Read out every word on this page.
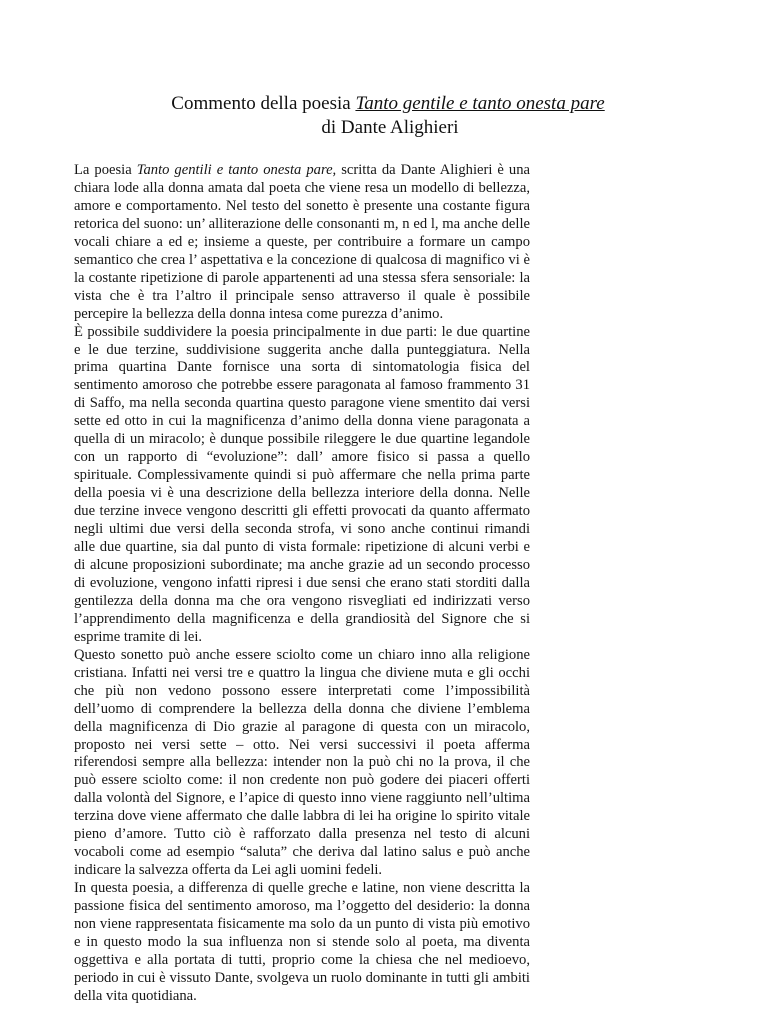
Commento della poesia Tanto gentile e tanto onesta pare
di Dante Alighieri

La poesia Tanto gentili e tanto onesta pare, scritta da Dante Alighieri è una chiara lode alla donna amata dal poeta che viene resa un modello di bellezza, amore e comportamento. Nel testo del sonetto è presente una costante figura retorica del suono: un’ alliterazione delle consonanti m, n ed l, ma anche delle vocali chiare a ed e; insieme a queste, per contribuire a formare un campo semantico che crea l’ aspettativa e la concezione di qualcosa di magnifico vi è la costante ripetizione di parole appartenenti ad una stessa sfera sensoriale: la vista che è tra l’altro il principale senso attraverso il quale è possibile percepire la bellezza della donna intesa come purezza d’animo.

È possibile suddividere la poesia principalmente in due parti: le due quartine e le due terzine, suddivisione suggerita anche dalla punteggiatura. Nella prima quartina Dante fornisce una sorta di sintomatologia fisica del sentimento amoroso che potrebbe essere paragonata al famoso frammento 31 di Saffo, ma nella seconda quartina questo paragone viene smentito dai versi sette ed otto in cui la magnificenza d’animo della donna viene paragonata a quella di un miracolo; è dunque possibile rileggere le due quartine legandole con un rapporto di “evoluzione”: dall’ amore fisico si passa a quello spirituale. Complessivamente quindi si può affermare che nella prima parte della poesia vi è una descrizione della bellezza interiore della donna. Nelle due terzine invece vengono descritti gli effetti provocati da quanto affermato negli ultimi due versi della seconda strofa, vi sono anche continui rimandi alle due quartine, sia dal punto di vista formale: ripetizione di alcuni verbi e di alcune proposizioni subordinate; ma anche grazie ad un secondo processo di evoluzione, vengono infatti ripresi i due sensi che erano stati storditi dalla gentilezza della donna ma che ora vengono risvegliati ed indirizzati verso l’apprendimento della magnificenza e della grandiosità del Signore che si esprime tramite di lei.

Questo sonetto può anche essere sciolto come un chiaro inno alla religione cristiana. Infatti nei versi tre e quattro la lingua che diviene muta e gli occhi che più non vedono possono essere interpretati come l’impossibilità dell’uomo di comprendere la bellezza della donna che diviene l’emblema della magnificenza di Dio grazie al paragone di questa con un miracolo, proposto nei versi sette – otto. Nei versi successivi il poeta afferma riferendosi sempre alla bellezza: intender non la può chi no la prova, il che può essere sciolto come: il non credente non può godere dei piaceri offerti dalla volontà del Signore, e l’apice di questo inno viene raggiunto nell’ultima terzina dove viene affermato che dalle labbra di lei ha origine lo spirito vitale pieno d’amore. Tutto ciò è rafforzato dalla presenza nel testo di alcuni vocaboli come ad esempio “saluta” che deriva dal latino salus e può anche indicare la salvezza offerta da Lei agli uomini fedeli.

In questa poesia, a differenza di quelle greche e latine, non viene descritta la passione fisica del sentimento amoroso, ma l’oggetto del desiderio: la donna non viene rappresentata fisicamente ma solo da un punto di vista più emotivo e in questo modo la sua influenza non si stende solo al poeta, ma diventa oggettiva e alla portata di tutti, proprio come la chiesa che nel medioevo, periodo in cui è vissuto Dante, svolgeva un ruolo dominante in tutti gli ambiti della vita quotidiana.
